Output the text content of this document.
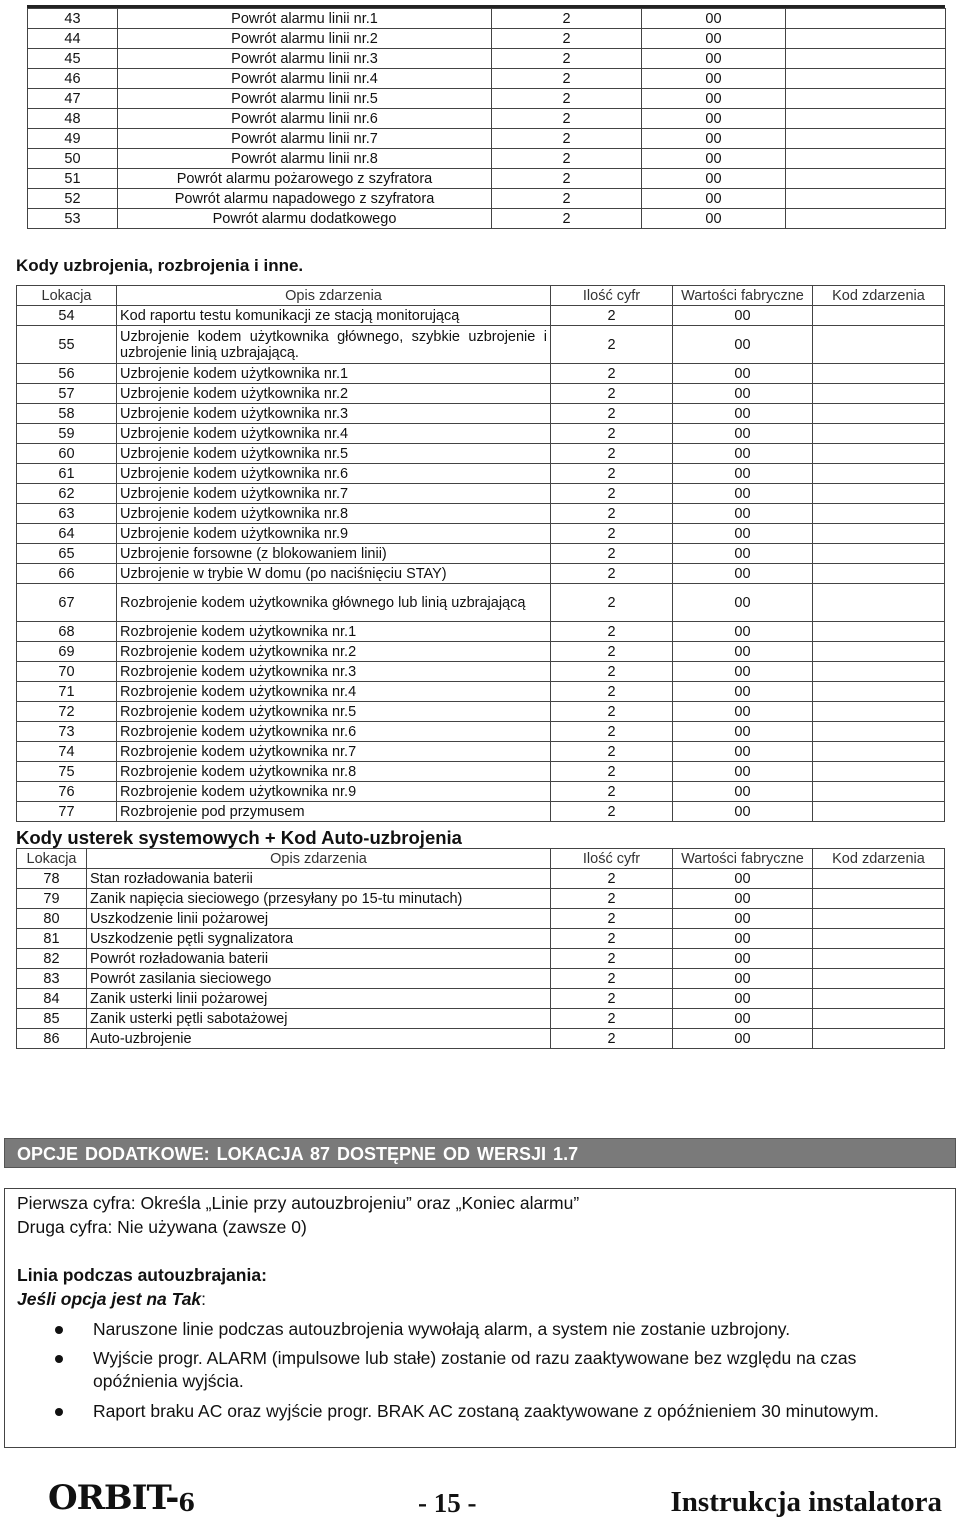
43	Powrót alarmu linii nr.1	2	00	
44	Powrót alarmu linii nr.2	2	00	
45	Powrót alarmu linii nr.3	2	00	
46	Powrót alarmu linii nr.4	2	00	
47	Powrót alarmu linii nr.5	2	00	
48	Powrót alarmu linii nr.6	2	00	
49	Powrót alarmu linii nr.7	2	00	
50	Powrót alarmu linii nr.8	2	00	
51	Powrót alarmu pożarowego z szyfratora	2	00	
52	Powrót alarmu napadowego z szyfratora	2	00	
53	Powrót alarmu dodatkowego	2	00	
Kody uzbrojenia, rozbrojenia i inne.
Lokacja	Opis zdarzenia	Ilość cyfr	Wartości fabryczne	Kod zdarzenia
54	Kod raportu testu komunikacji ze stacją monitorującą	2	00	
55	Uzbrojenie kodem użytkownika głównego, szybkie uzbrojenie i uzbrojenie linią uzbrajającą.	2	00	
56	Uzbrojenie kodem użytkownika nr.1	2	00	
57	Uzbrojenie kodem użytkownika nr.2	2	00	
58	Uzbrojenie kodem użytkownika nr.3	2	00	
59	Uzbrojenie kodem użytkownika nr.4	2	00	
60	Uzbrojenie kodem użytkownika nr.5	2	00	
61	Uzbrojenie kodem użytkownika nr.6	2	00	
62	Uzbrojenie kodem użytkownika nr.7	2	00	
63	Uzbrojenie kodem użytkownika nr.8	2	00	
64	Uzbrojenie kodem użytkownika nr.9	2	00	
65	Uzbrojenie forsowne (z blokowaniem linii)	2	00	
66	Uzbrojenie w trybie W domu (po naciśnięciu STAY)	2	00	
67	Rozbrojenie kodem użytkownika głównego lub linią uzbrajającą	2	00	
68	Rozbrojenie kodem użytkownika nr.1	2	00	
69	Rozbrojenie kodem użytkownika nr.2	2	00	
70	Rozbrojenie kodem użytkownika nr.3	2	00	
71	Rozbrojenie kodem użytkownika nr.4	2	00	
72	Rozbrojenie kodem użytkownika nr.5	2	00	
73	Rozbrojenie kodem użytkownika nr.6	2	00	
74	Rozbrojenie kodem użytkownika nr.7	2	00	
75	Rozbrojenie kodem użytkownika nr.8	2	00	
76	Rozbrojenie kodem użytkownika nr.9	2	00	
77	Rozbrojenie pod przymusem	2	00	
Kody usterek systemowych + Kod Auto-uzbrojenia
Lokacja	Opis zdarzenia	Ilość cyfr	Wartości fabryczne	Kod zdarzenia
78	Stan rozładowania baterii	2	00	
79	Zanik napięcia sieciowego (przesyłany po 15-tu minutach)	2	00	
80	Uszkodzenie linii pożarowej	2	00	
81	Uszkodzenie pętli sygnalizatora	2	00	
82	Powrót rozładowania baterii	2	00	
83	Powrót zasilania sieciowego	2	00	
84	Zanik usterki linii pożarowej	2	00	
85	Zanik usterki pętli sabotażowej	2	00	
86	Auto-uzbrojenie	2	00	
OPCJE DODATKOWE: LOKACJA 87 DOSTĘPNE OD WERSJI 1.7
Pierwsza cyfra: Określa „Linie przy autouzbrojeniu” oraz „Koniec alarmu”
Druga cyfra: Nie używana (zawsze 0)
Linia podczas autouzbrajania:
Jeśli opcja jest na Tak:
Naruszone linie podczas autouzbrojenia wywołają alarm, a system nie zostanie uzbrojony.
Wyjście progr. ALARM (impulsowe lub stałe) zostanie od razu zaaktywowane bez względu na czas opóźnienia wyjścia.
Raport braku AC oraz wyjście progr. BRAK AC zostaną zaaktywowane z opóźnieniem 30 minutowym.
ORBIT-$_6$	- 15 -	Instrukcja instalatora
